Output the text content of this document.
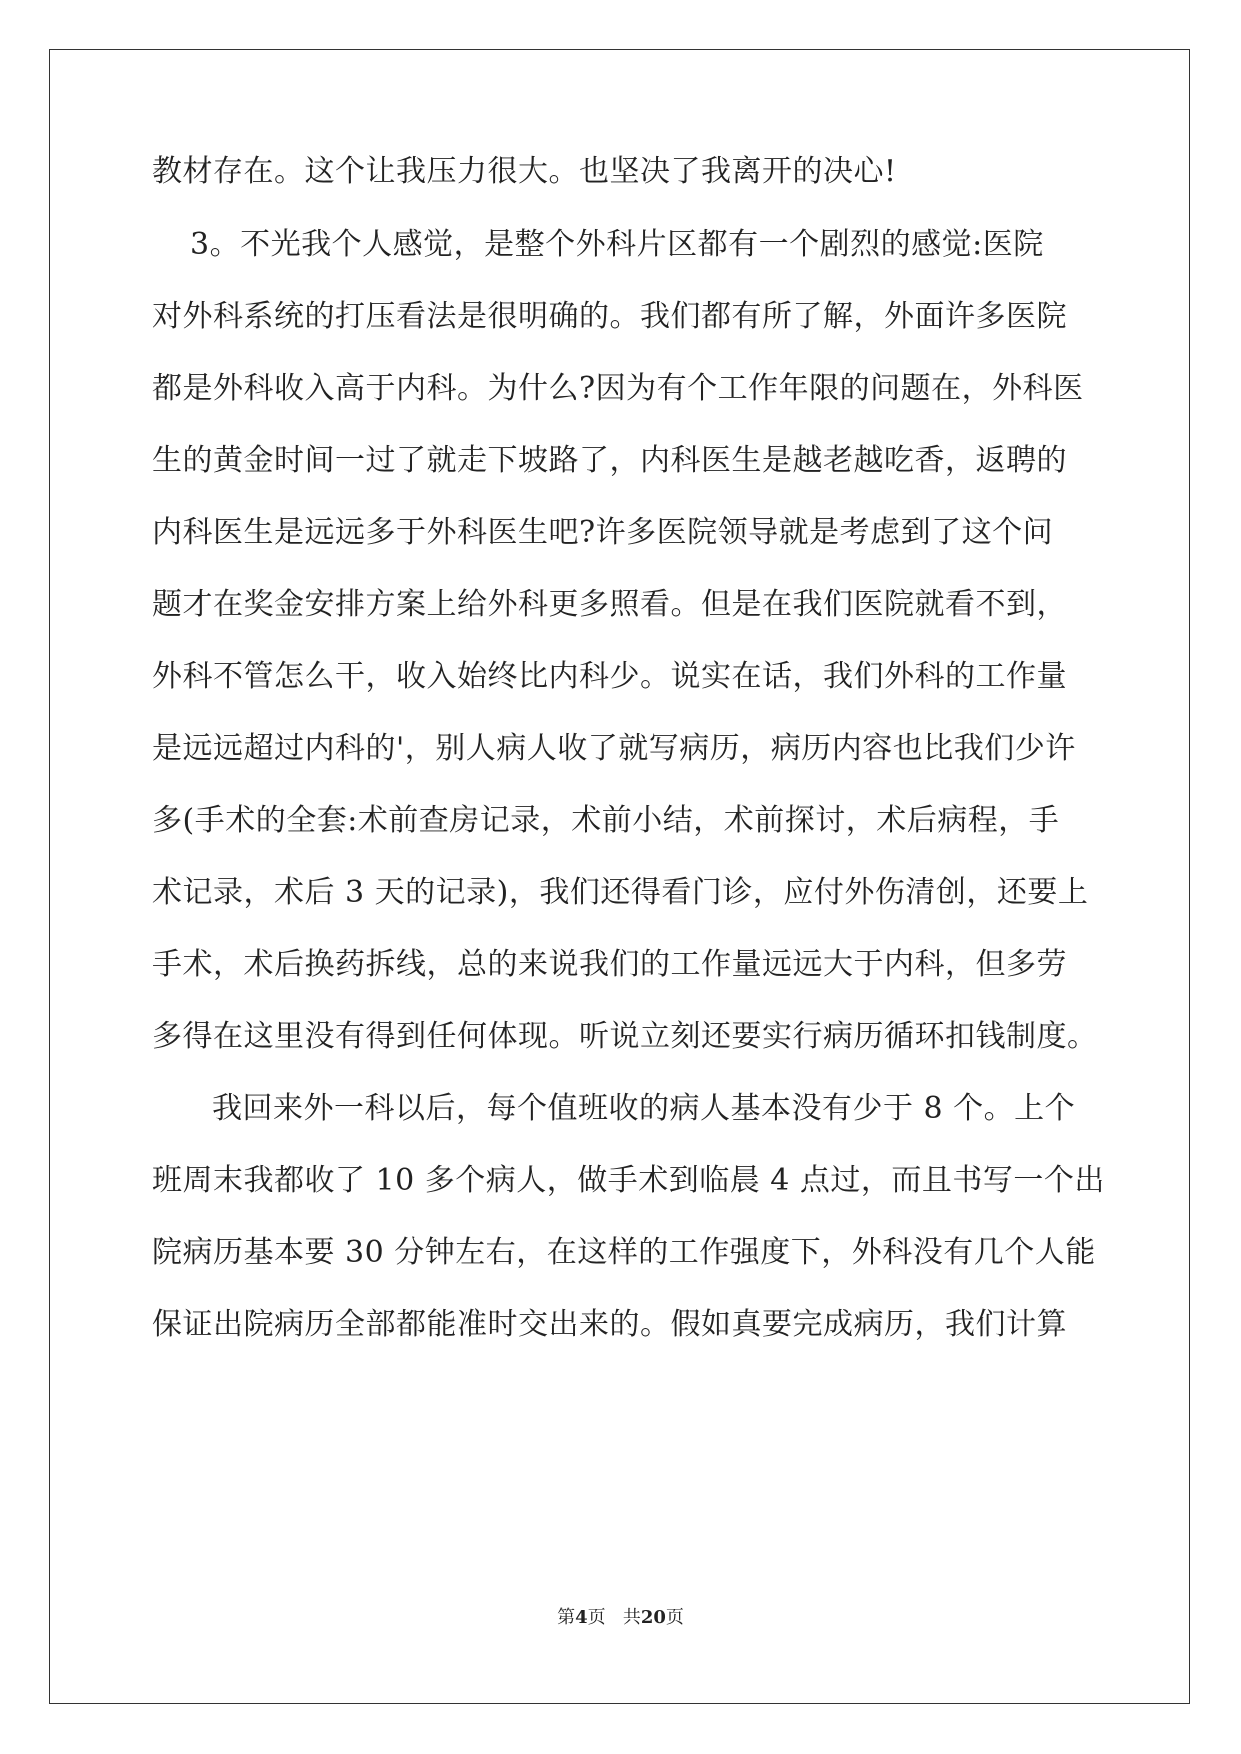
教材存在。这个让我压力很大。也坚决了我离开的决心!
3。不光我个人感觉，是整个外科片区都有一个剧烈的感觉:医院
对外科系统的打压看法是很明确的。我们都有所了解，外面许多医院
都是外科收入高于内科。为什么?因为有个工作年限的问题在，外科医
生的黄金时间一过了就走下坡路了，内科医生是越老越吃香，返聘的
内科医生是远远多于外科医生吧?许多医院领导就是考虑到了这个问
题才在奖金安排方案上给外科更多照看。但是在我们医院就看不到，
外科不管怎么干，收入始终比内科少。说实在话，我们外科的工作量
是远远超过内科的'，别人病人收了就写病历，病历内容也比我们少许
多(手术的全套:术前查房记录，术前小结，术前探讨，术后病程，手
术记录，术后 3 天的记录)，我们还得看门诊，应付外伤清创，还要上
手术，术后换药拆线，总的来说我们的工作量远远大于内科，但多劳
多得在这里没有得到任何体现。听说立刻还要实行病历循环扣钱制度。
我回来外一科以后，每个值班收的病人基本没有少于 8 个。上个
班周末我都收了 10 多个病人，做手术到临晨 4 点过，而且书写一个出
院病历基本要 30 分钟左右，在这样的工作强度下，外科没有几个人能
保证出院病历全部都能准时交出来的。假如真要完成病历，我们计算
第4页 共20页
